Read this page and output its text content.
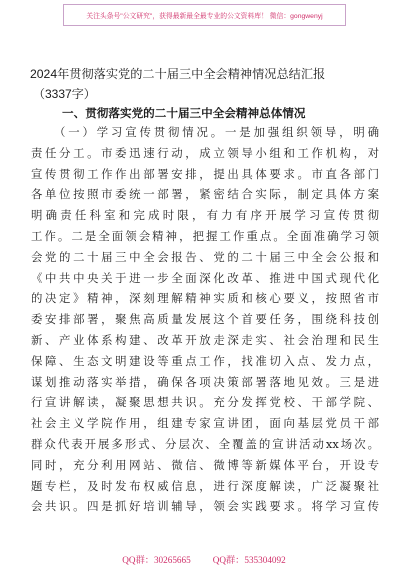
关注头条号"公文研究"，获得最新最全最专业的公文资料库！ 微信：gongwenyj
2024年贯彻落实党的二十届三中全会精神情况总结汇报
（3337字）
一、贯彻落实党的二十届三中全会精神总体情况
（一）学习宣传贯彻情况。一是加强组织领导，明确
责任分工。市委迅速行动，成立领导小组和工作机构，对
宣传贯彻工作作出部署安排，提出具体要求。市直各部门
各单位按照市委统一部署，紧密结合实际，制定具体方案
明确责任科室和完成时限，有力有序开展学习宣传贯彻
工作。二是全面领会精神，把握工作重点。全面准确学习领
会党的二十届三中全会报告、党的二十届三中全会公报和
《中共中央关于进一步全面深化改革、推进中国式现代化
的决定》精神，深刻理解精神实质和核心要义，按照省市
委安排部署，聚焦高质量发展这个首要任务，围绕科技创
新、产业体系构建、改革开放走深走实、社会治理和民生
保障、生态文明建设等重点工作，找准切入点、发力点，
谋划推动落实举措，确保各项决策部署落地见效。三是进
行宣讲解读，凝聚思想共识。充分发挥党校、干部学院、
社会主义学院作用，组建专家宣讲团，面向基层党员干部
群众代表开展多形式、分层次、全覆盖的宣讲活动xx场次。
同时，充分利用网站、微信、微博等新媒体平台，开设专
题专栏，及时发布权威信息，进行深度解读，广泛凝聚社
会共识。四是抓好培训辅导，领会实践要求。将学习宣传
QQ群：30265665 QQ群：535304092
